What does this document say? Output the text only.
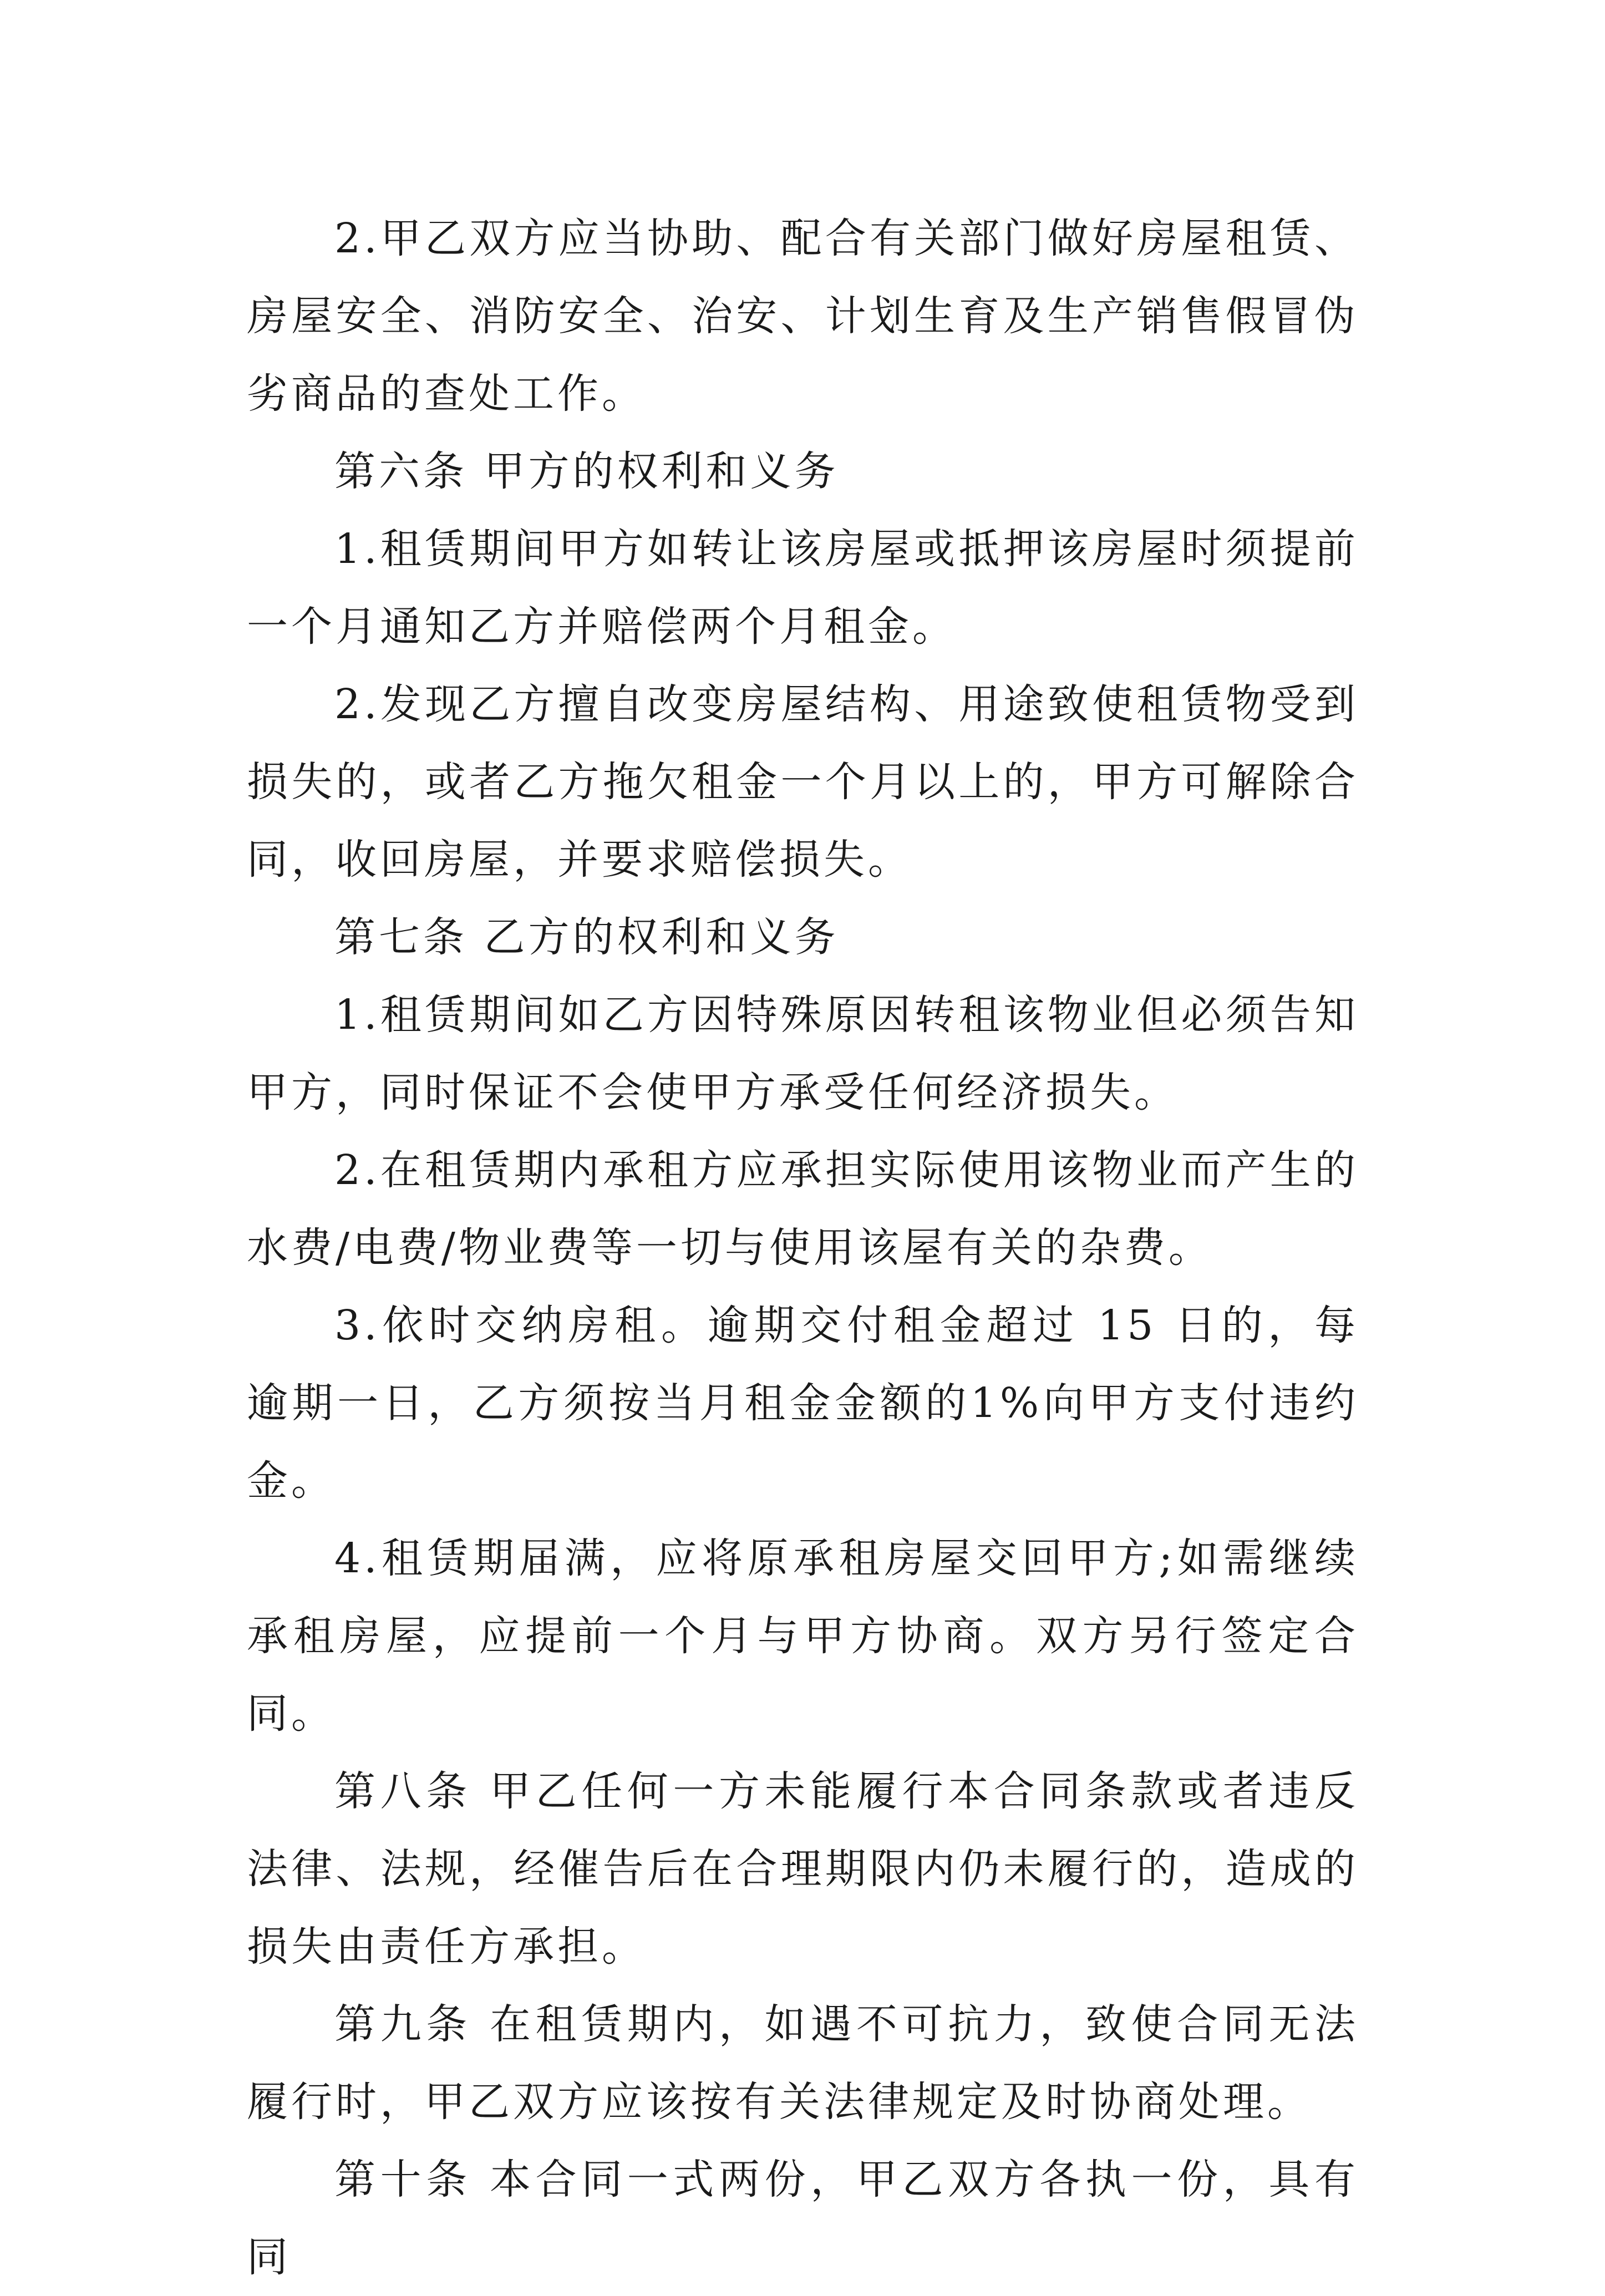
2.甲乙双方应当协助、配合有关部门做好房屋租赁、房屋安全、消防安全、治安、计划生育及生产销售假冒伪劣商品的查处工作。

第六条 甲方的权利和义务

1.租赁期间甲方如转让该房屋或抵押该房屋时须提前一个月通知乙方并赔偿两个月租金。

2.发现乙方擅自改变房屋结构、用途致使租赁物受到损失的，或者乙方拖欠租金一个月以上的，甲方可解除合同，收回房屋，并要求赔偿损失。

第七条 乙方的权利和义务

1.租赁期间如乙方因特殊原因转租该物业但必须告知甲方，同时保证不会使甲方承受任何经济损失。

2.在租赁期内承租方应承担实际使用该物业而产生的水费/电费/物业费等一切与使用该屋有关的杂费。

3.依时交纳房租。逾期交付租金超过 15 日的，每逾期一日，乙方须按当月租金金额的1%向甲方支付违约金。

4.租赁期届满，应将原承租房屋交回甲方;如需继续承租房屋，应提前一个月与甲方协商。双方另行签定合同。

第八条 甲乙任何一方未能履行本合同条款或者违反法律、法规，经催告后在合理期限内仍未履行的，造成的损失由责任方承担。

第九条 在租赁期内，如遇不可抗力，致使合同无法履行时，甲乙双方应该按有关法律规定及时协商处理。

第十条 本合同一式两份，甲乙双方各执一份，具有同
